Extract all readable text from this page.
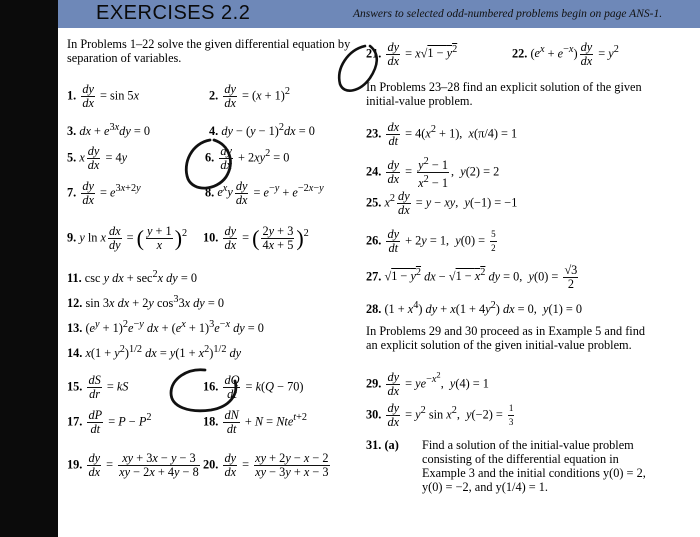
EXERCISES 2.2	Answers to selected odd-numbered problems begin on page ANS-1.
In Problems 1–22 solve the given differential equation by separation of variables.
1. $\frac{dy}{dx} = \sin 5x$	2. $\frac{dy}{dx} = (x + 1)^2$
3. dx + $e^{3x}dy = 0$	4. dy − $(y - 1)^2dx = 0$
5. x $\frac{dy}{dx} = 4y$	6. $\frac{dy}{dx} + 2xy^2 = 0$
7. $\frac{dy}{dx} = e^{3x+2y}$	8. $e^xy \frac{dy}{dx} = e^{-y} + e^{-2x-y}$
9. y ln x $\frac{dx}{dy}$ = ( $\frac{y + 1}{x} )^2$ 10. $\frac{dy}{dx}$ = ( $\frac{2y + 3}{4x + 5} )^2$
11. csc y dx + $\sec^2x$ dy = 0
12. sin 3x dx + 2y $\cos^33x$ dy = 0
13. $(e^y + 1)^2e^{-y}$ dx + $(e^x + 1)^3e^{-x}$ dy = 0
14. $x(1 + y^2)^{1/2}$ dx = $y(1 + x^2)^{1/2}$ dy
15. $\frac{dS}{dr}$ = kS	16. $\frac{dQ}{dt} = k(Q - 70)$
17. $\frac{dP}{dt} = P - P^2$	18. $\frac{dN}{dt} + N = Nte^{t+2}$
19. $\frac{dy}{dx} = \frac{xy + 3x - y - 3}{xy - 2x + 4y - 8} 20$. $\frac{dy}{dx} = \frac{xy + 2y - x - 2}{xy - 3y + x - 3}$
21. $\frac{dy}{dx} = x√1 - y^2$	22. $(e^x + e^{-x}) \frac{dy}{dx} = y^2$
In Problems 23–28 find an explicit solution of the given initial-value problem.
23. $\frac{dx}{dt} = 4(x^2 + 1)$,  x(π/4) = 1
24. $\frac{dy}{dx} = \frac{y^2 - 1}{x^2 - 1}$ ,  y(2) = 2
25. $x^2 \frac{dy}{dx} = y$ − xy,  y(−1) = −1
26. $\frac{dy}{dt} + 2y = 1$,  $y(0) = \frac{5}{2}$
27. $√1 - y^2$ dx − $√1 - x^2$ dy = 0,  $y(0) = \frac{√3}{2}$
28. $(1 + x^4)$ dy + $x(1 + 4y^2)$ dx = 0,  y(1) = 0
In Problems 29 and 30 proceed as in Example 5 and find an explicit solution of the given initial-value problem.
29. $\frac{dy}{dx} = ye^{-x^2}$,  y(4) = 1
30. $\frac{dy}{dx} = y^2$ $\sin x^2$,  $y(-2) = \frac{1}{3}$
31. (a) Find a solution of the initial-value problem consisting of the differential equation in Example 3 and the initial conditions y(0) = 2, y(0) = −2, and y(1/4) = 1.
